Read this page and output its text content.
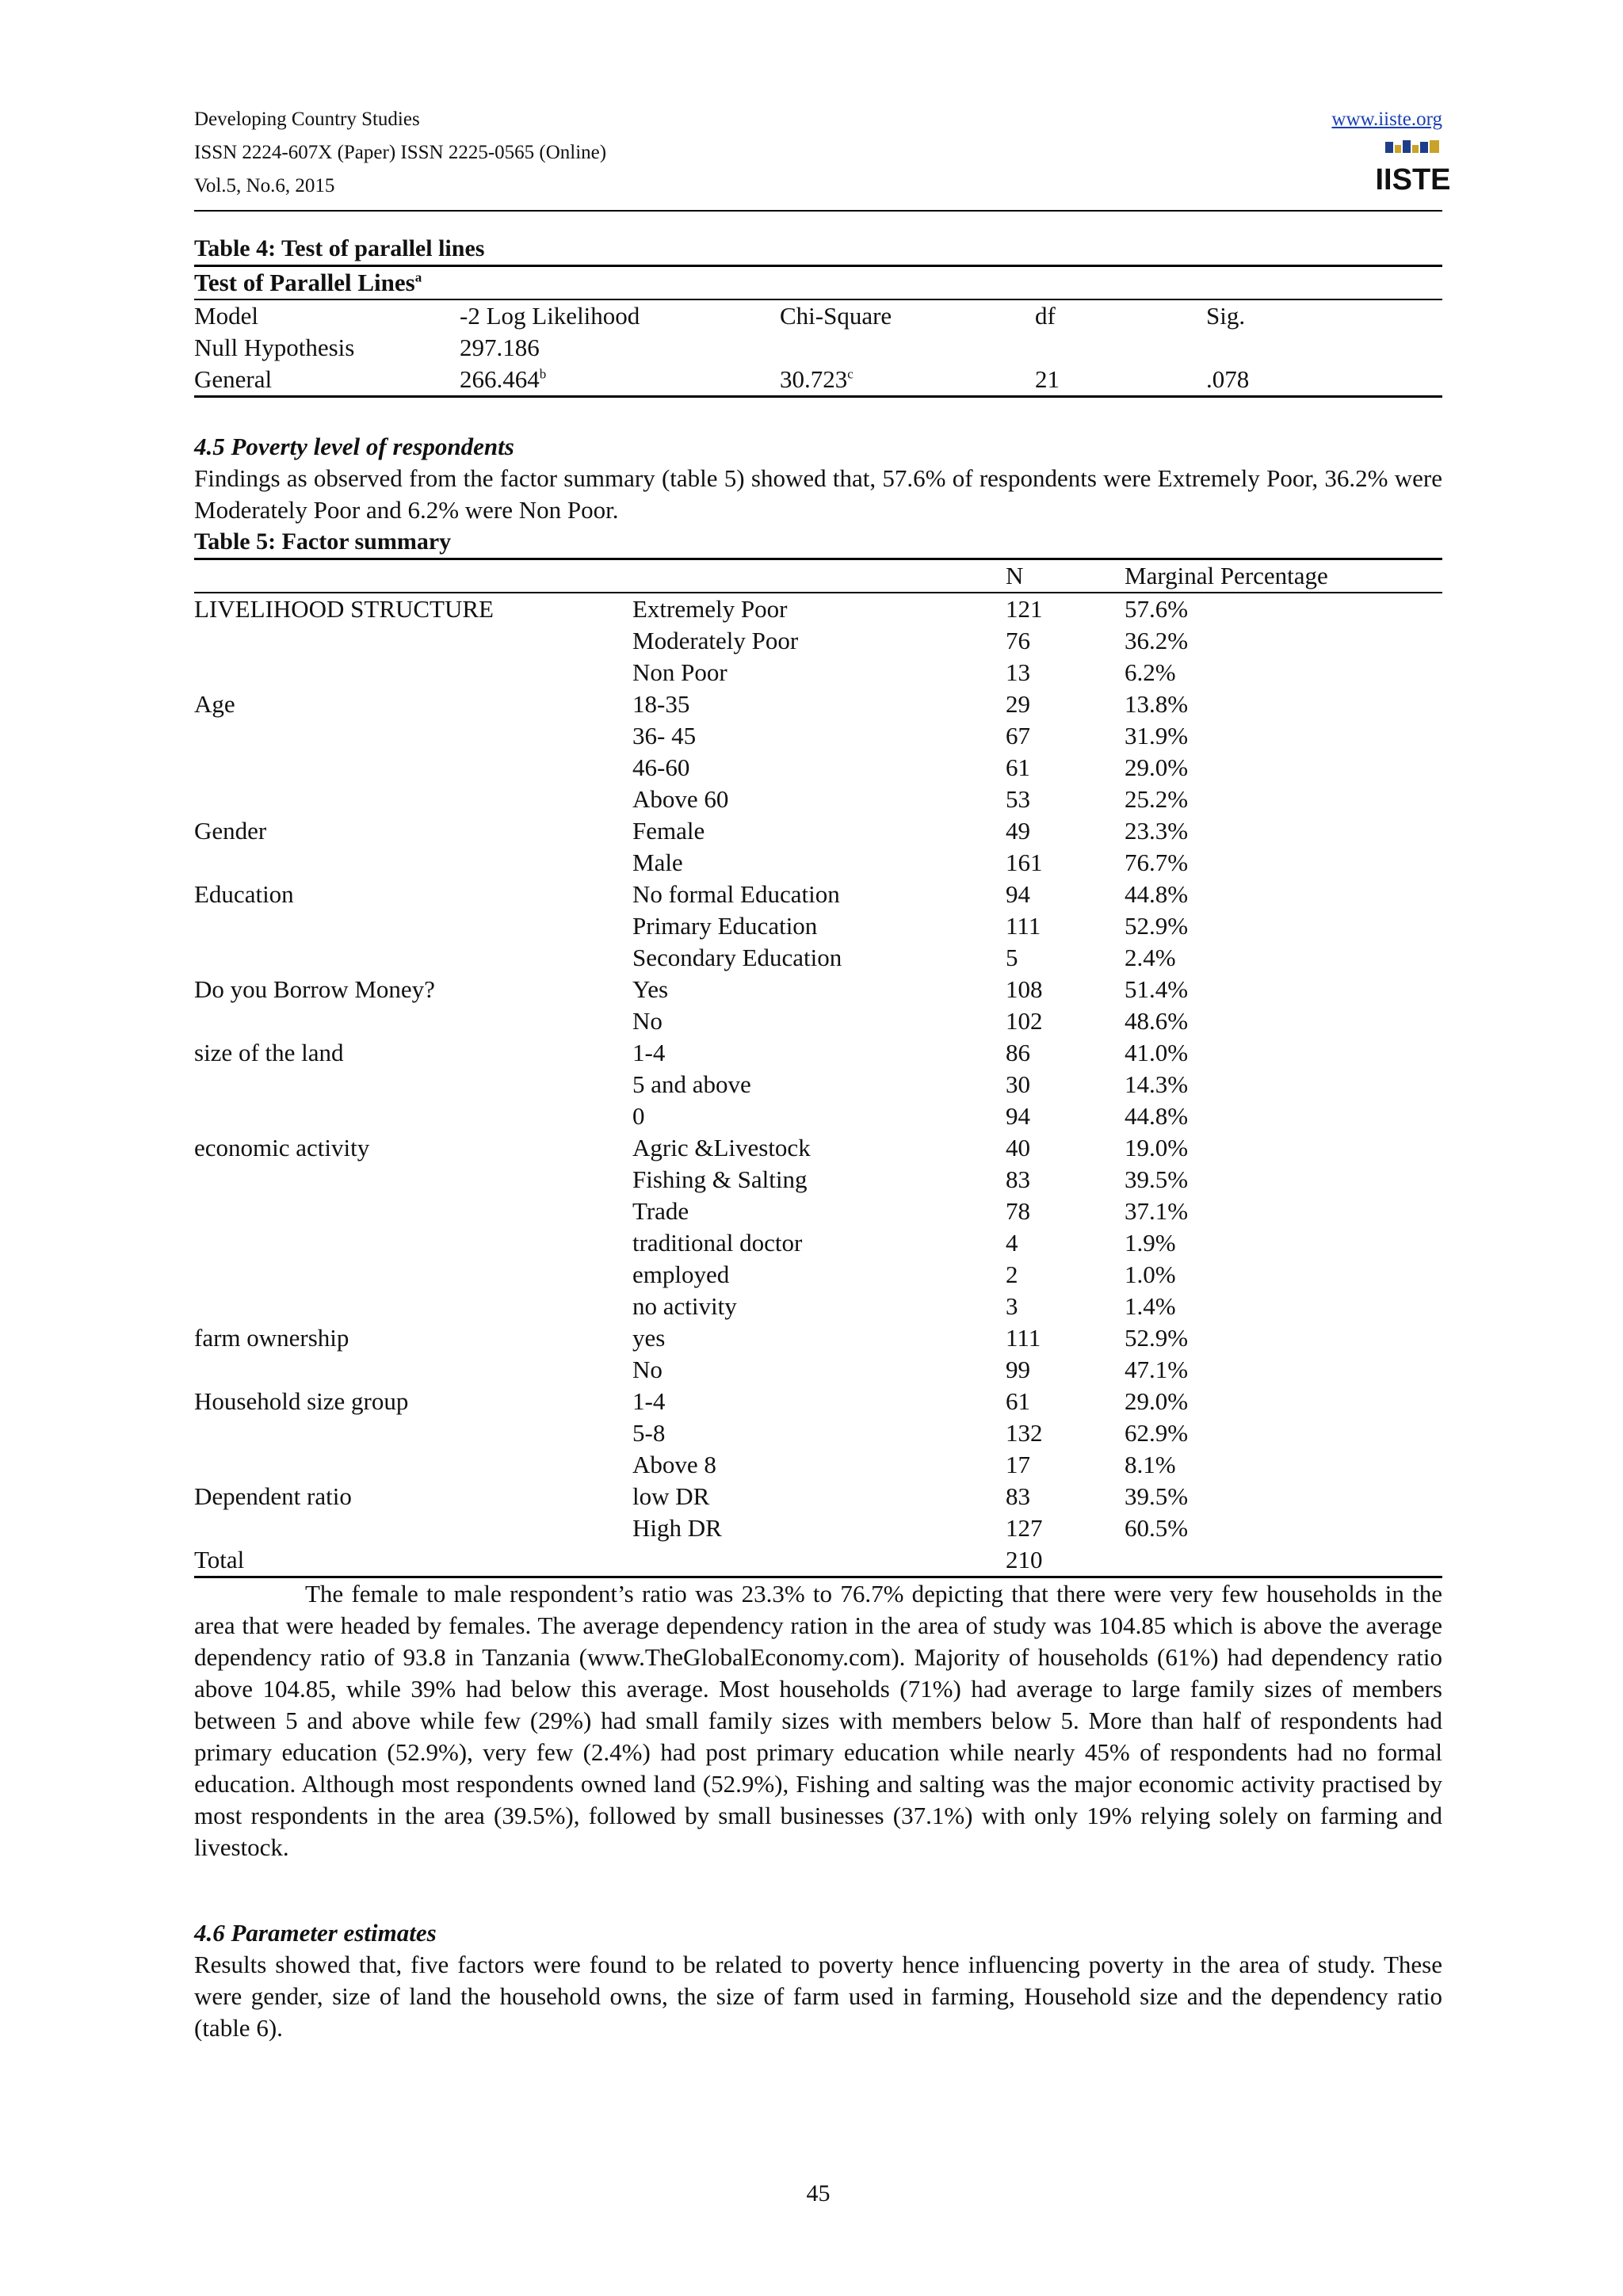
Developing Country Studies
ISSN 2224-607X (Paper) ISSN 2225-0565 (Online)
Vol.5, No.6, 2015
www.iiste.org
IISTE
Table 4: Test of parallel lines
Test of Parallel Lines$^a$
Model	-2 Log Likelihood	Chi-Square	df	Sig.
Null Hypothesis	297.186			
General	266.464$^b$	30.723$^c$	21	.078
4.5 Poverty level of respondents

Findings as observed from the factor summary (table 5) showed that, 57.6% of respondents were Extremely Poor, 36.2% were Moderately Poor and 6.2% were Non Poor.

Table 5: Factor summary
		N	Marginal Percentage
LIVELIHOOD STRUCTURE	Extremely Poor	121	57.6%
	Moderately Poor	76	36.2%
	Non Poor	13	6.2%
Age	18-35	29	13.8%
	36- 45	67	31.9%
	46-60	61	29.0%
	Above 60	53	25.2%
Gender	Female	49	23.3%
	Male	161	76.7%
Education	No formal Education	94	44.8%
	Primary Education	111	52.9%
	Secondary Education	5	2.4%
Do you Borrow Money?	Yes	108	51.4%
	No	102	48.6%
size of the land	1-4	86	41.0%
	5 and above	30	14.3%
	0	94	44.8%
economic activity	Agric &Livestock	40	19.0%
	Fishing & Salting	83	39.5%
	Trade	78	37.1%
	traditional doctor	4	1.9%
	employed	2	1.0%
	no activity	3	1.4%
farm ownership	yes	111	52.9%
	No	99	47.1%
Household size group	1-4	61	29.0%
	5-8	132	62.9%
	Above 8	17	8.1%
Dependent ratio	low DR	83	39.5%
	High DR	127	60.5%
Total		210	

The female to male respondent’s ratio was 23.3% to 76.7% depicting that there were very few households in the area that were headed by females. The average dependency ration in the area of study was 104.85 which is above the average dependency ratio of 93.8 in Tanzania (www.TheGlobalEconomy.com). Majority of households (61%) had dependency ratio above 104.85, while 39% had below this average. Most households (71%) had average to large family sizes of members between 5 and above while few (29%) had small family sizes with members below 5. More than half of respondents had primary education (52.9%), very few (2.4%) had post primary education while nearly 45% of respondents had no formal education. Although most respondents owned land (52.9%), Fishing and salting was the major economic activity practised by most respondents in the area (39.5%), followed by small businesses (37.1%) with only 19% relying solely on farming and livestock.

4.6 Parameter estimates

Results showed that, five factors were found to be related to poverty hence influencing poverty in the area of study. These were gender, size of land the household owns, the size of farm used in farming, Household size and the dependency ratio (table 6).

45
